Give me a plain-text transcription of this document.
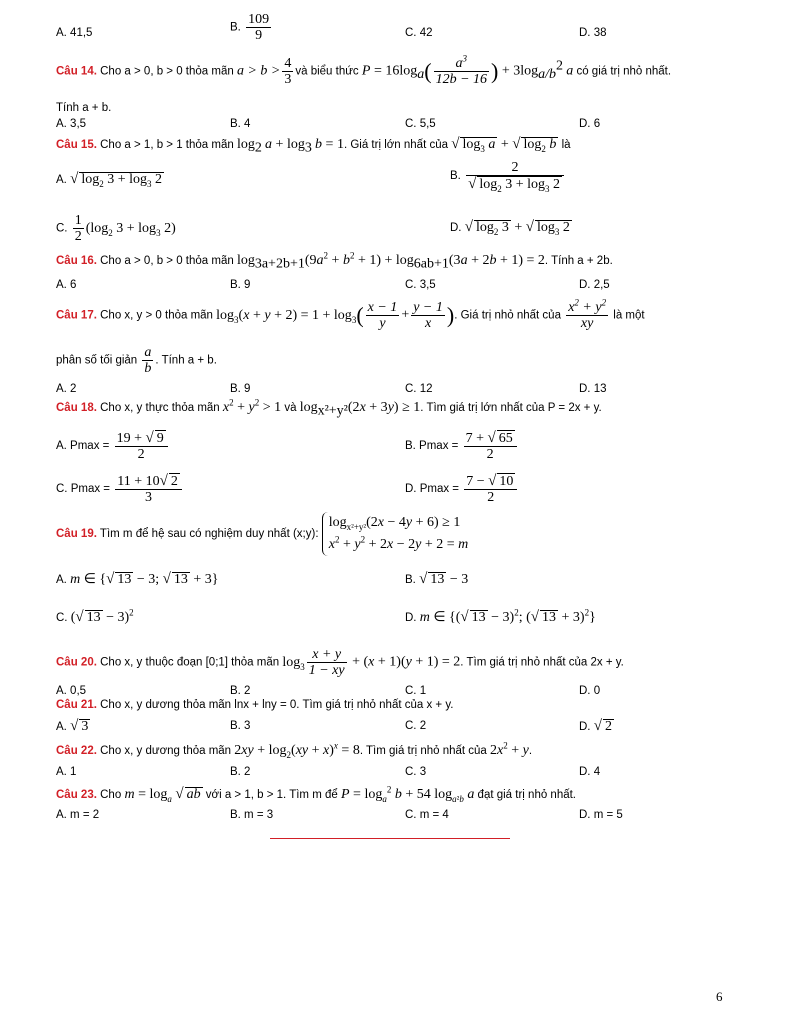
A. 41,5	B. $\frac{109}{9}$	C. 42	D. 38
Câu 14. Cho a > 0, b > 0 thỏa mãn $a > b > \frac{4}{3}$ và biểu thức $P = 16\log_a( \frac{a^3}{12b - 16}$ ) + $3\log_{a/b}^2$ a có giá trị nhỏ nhất.
Tính a + b.
A. 3,5	B. 4	C. 5,5	D. 6
Câu 15. Cho a > 1, b > 1 thỏa mãn $\log_2 a + \log_3 b = 1$. Giá trị lớn nhất của √ $\log_3 a$ + √ $\log_2 b$ là
A. √ $\log_2 3 + \log_3 2$	B. $\frac{2}{√ \log_2 3 + \log_3 2}$
C. $\frac{1}{2} (\log_2$ $3 + \log_3 2$)	D. √ $\log_2 3$ + √ $\log_3 2$
Câu 16. Cho a > 0, b > 0 thỏa mãn $\log_{3a+2b+1}(9a^2 + b^2 + 1) + \log_{6ab+1}(3a + 2b + 1) = 2$. Tính a + 2b.
A. 6	B. 9	C. 3,5	D. 2,5
Câu 17. Cho x, y > 0 thỏa mãn $\log_3(x + y + 2) = 1 + \log_3( \frac{x - 1}{y} + \frac{y - 1}{x}$ ). Giá trị nhỏ nhất của $\frac{x^2 + y^2}{xy}$ là một
phân số tối giản $\frac{a}{b}$ . Tính a + b.
A. 2	B. 9	C. 12	D. 13
Câu 18. Cho x, y thực thỏa mãn $x^2 + y^2 > 1$ và $\log_{x^2+y^2}(2x + 3y) \ge 1$. Tìm giá trị lớn nhất của P = 2x + y.
A. $Pmax = \frac{19 + √ 9}{2}$	B. $Pmax = \frac{7 + √ 65}{2}$
C. $Pmax = \frac{11 + 10√ 2}{3}$	D. $Pmax = \frac{7 - √ 10}{2}$
Câu 19. Tìm m để hệ sau có nghiệm duy nhất (x;y):
$\log_{x^2+y^2}(2x - 4y + 6) \ge 1$
$x^2 + y^2 + 2x - 2y + 2 = m$
A. m ∈ {√ 13 − 3; √ 13 + 3}	B. √ 13 − 3
C. (√ 13 − 3)$^2$	D. m ∈ {(√ 13 − 3)$^2$; (√ 13 + 3)$^2$}
Câu 20. Cho x, y thuộc đoạn [0;1] thỏa mãn $\log_3 \frac{x + y}{1 - xy} + (x + 1)(y + 1) = 2$. Tìm giá trị nhỏ nhất của 2x + y.
A. 0,5	B. 2	C. 1	D. 0
Câu 21. Cho x, y dương thỏa mãn lnx + lny = 0. Tìm giá trị nhỏ nhất của x + y.
A. √ 3	B. 3	C. 2	D. √ 2
Câu 22. Cho x, y dương thỏa mãn $2xy + \log_2(xy + x)^x = 8$. Tìm giá trị nhỏ nhất của $2x^2 + y$.
A. 1	B. 2	C. 3	D. 4
Câu 23. Cho $m = \log_a$ √ ab với a > 1, b > 1. Tìm m để $P = \log_a^2 b + 54$ $\log_{a^2b} a$ đạt giá trị nhỏ nhất.
A. m = 2	B. m = 3	C. m = 4	D. m = 5
6
